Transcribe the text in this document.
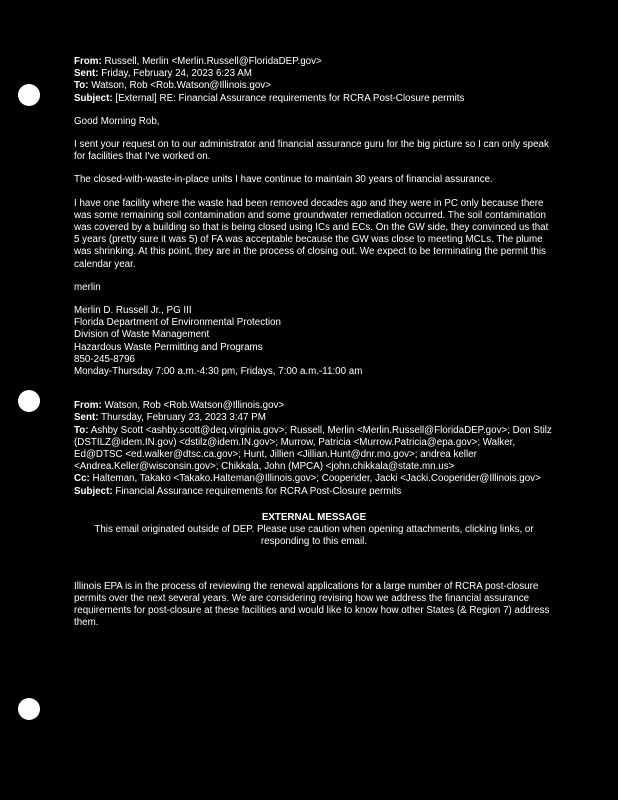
From: Russell, Merlin <Merlin.Russell@FloridaDEP.gov>
Sent: Friday, February 24, 2023 6:23 AM
To: Watson, Rob <Rob.Watson@Illinois.gov>
Subject: [External] RE: Financial Assurance requirements for RCRA Post-Closure permits

Good Morning Rob,

I sent your request on to our administrator and financial assurance guru for the big picture so I can only speak for facilities that I've worked on.

The closed-with-waste-in-place units I have continue to maintain 30 years of financial assurance.

I have one facility where the waste had been removed decades ago and they were in PC only because there was some remaining soil contamination and some groundwater remediation occurred. The soil contamination was covered by a building so that is being closed using ICs and ECs. On the GW side, they convinced us that 5 years (pretty sure it was 5) of FA was acceptable because the GW was close to meeting MCLs. The plume was shrinking. At this point, they are in the process of closing out. We expect to be terminating the permit this calendar year.

merlin

Merlin D. Russell Jr., PG III
Florida Department of Environmental Protection
Division of Waste Management
Hazardous Waste Permitting and Programs
850-245-8796
Monday-Thursday 7:00 a.m.-4:30 pm, Fridays, 7:00 a.m.-11:00 am
From: Watson, Rob <Rob.Watson@Illinois.gov>
Sent: Thursday, February 23, 2023 3:47 PM
To: Ashby Scott <ashby.scott@deq.virginia.gov>; Russell, Merlin <Merlin.Russell@FloridaDEP.gov>; Don Stilz (DSTILZ@idem.IN.gov) <dstilz@idem.IN.gov>; Murrow, Patricia <Murrow.Patricia@epa.gov>; Walker, Ed@DTSC <ed.walker@dtsc.ca.gov>; Hunt, Jillien <Jillian.Hunt@dnr.mo.gov>; andrea keller <Andrea.Keller@wisconsin.gov>; Chikkala, John (MPCA) <john.chikkala@state.mn.us>
Cc: Halteman, Takako <Takako.Halteman@Illinois.gov>; Cooperider, Jacki <Jacki.Cooperider@Illinois.gov>
Subject: Financial Assurance requirements for RCRA Post-Closure permits
EXTERNAL MESSAGE
This email originated outside of DEP. Please use caution when opening attachments, clicking links, or responding to this email.
Illinois EPA is in the process of reviewing the renewal applications for a large number of RCRA post-closure permits over the next several years. We are considering revising how we address the financial assurance requirements for post-closure at these facilities and would like to know how other States (& Region 7) address them.
